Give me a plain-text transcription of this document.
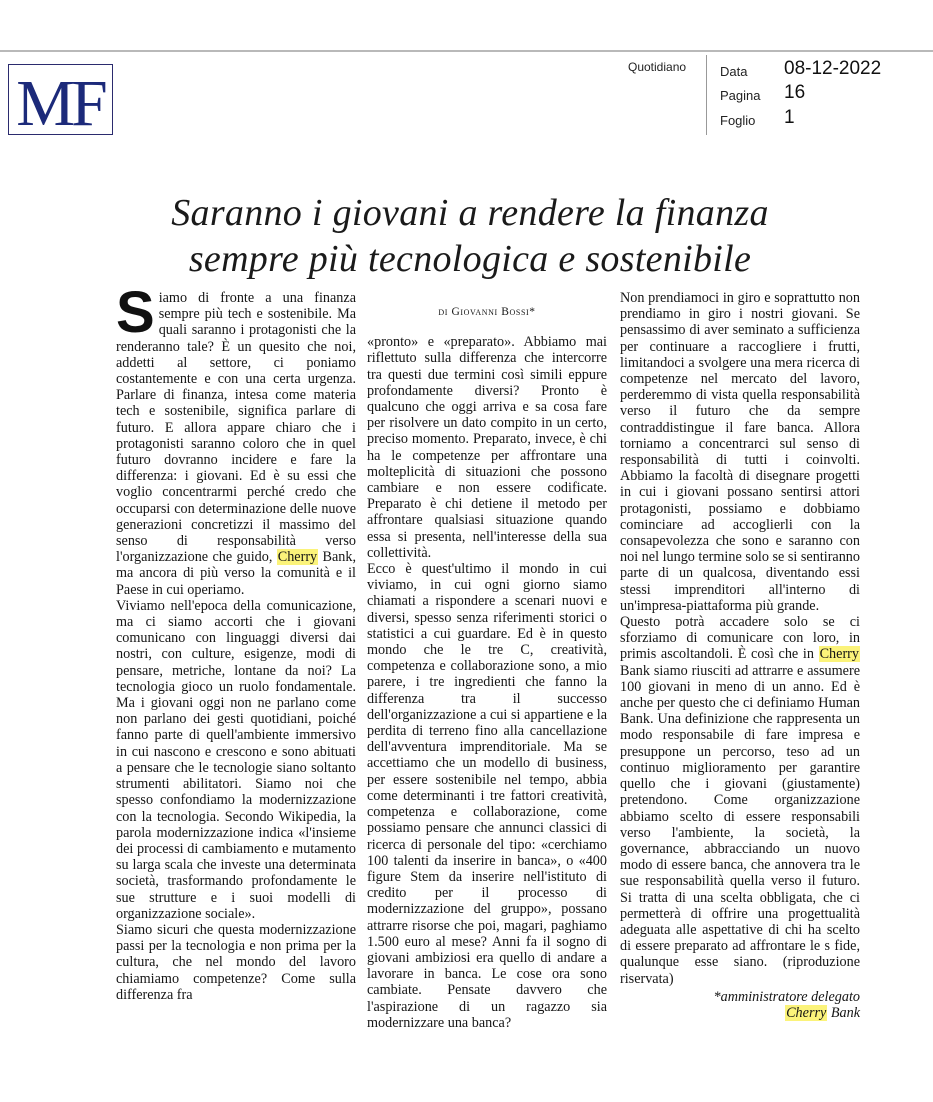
MF	Quotidiano	Data 08-12-2022
Pagina 16
Foglio 1
Saranno i giovani a rendere la finanza
sempre più tecnologica e sostenibile

Siamo di fronte a una finanza sempre più tech e sostenibile. Ma quali saranno i protagonisti che la renderanno tale? È un quesito che noi, addetti al settore, ci poniamo costantemente e con una certa urgenza. Parlare di finanza, intesa come materia tech e sostenibile, significa parlare di futuro. E allora appare chiaro che i protagonisti saranno coloro che in quel futuro dovranno incidere e fare la differenza: i giovani. Ed è su essi che voglio concentrarmi perché credo che occuparsi con determinazione delle nuove generazioni concretizzi il massimo del senso di responsabilità verso l'organizzazione che guido, Cherry Bank, ma ancora di più verso la comunità e il Paese in cui operiamo.

Viviamo nell'epoca della comunicazione, ma ci siamo accorti che i giovani comunicano con linguaggi diversi dai nostri, con culture, esigenze, modi di pensare, metriche, lontane da noi? La tecnologia gioco un ruolo fondamentale. Ma i giovani oggi non ne parlano come non parlano dei gesti quotidiani, poiché fanno parte di quell'ambiente immersivo in cui nascono e crescono e sono abituati a pensare che le tecnologie siano soltanto strumenti abilitatori. Siamo noi che spesso confondiamo la modernizzazione con la tecnologia. Secondo Wikipedia, la parola modernizzazione indica «l'insieme dei processi di cambiamento e mutamento su larga scala che investe una determinata società, trasformando profondamente le sue strutture e i suoi modelli di organizzazione sociale».

Siamo sicuri che questa modernizzazione passi per la tecnologia e non prima per la cultura, che nel mondo del lavoro chiamiamo competenze? Come sulla differenza fra

di Giovanni Bossi*

«pronto» e «preparato». Abbiamo mai riflettuto sulla differenza che intercorre tra questi due termini così simili eppure profondamente diversi? Pronto è qualcuno che oggi arriva e sa cosa fare per risolvere un dato compito in un certo, preciso momento. Preparato, invece, è chi ha le competenze per affrontare una molteplicità di situazioni che possono cambiare e non essere codificate. Preparato è chi detiene il metodo per affrontare qualsiasi situazione quando essa si presenta, nell'interesse della sua collettività.

Ecco è quest'ultimo il mondo in cui viviamo, in cui ogni giorno siamo chiamati a rispondere a scenari nuovi e diversi, spesso senza riferimenti storici o statistici a cui guardare. Ed è in questo mondo che le tre C, creatività, competenza e collaborazione sono, a mio parere, i tre ingredienti che fanno la differenza tra il successo dell'organizzazione a cui si appartiene e la perdita di terreno fino alla cancellazione dell'avventura imprenditoriale. Ma se accettiamo che un modello di business, per essere sostenibile nel tempo, abbia come determinanti i tre fattori creatività, competenza e collaborazione, come possiamo pensare che annunci classici di ricerca di personale del tipo: «cerchiamo 100 talenti da inserire in banca», o «400 figure Stem da inserire nell'istituto di credito per il processo di modernizzazione del gruppo», possano attrarre risorse che poi, magari, paghiamo 1.500 euro al mese? Anni fa il sogno di giovani ambiziosi era quello di andare a lavorare in banca. Le cose ora sono cambiate. Pensate davvero che l'aspirazione di un ragazzo sia modernizzare una banca?

Non prendiamoci in giro e soprattutto non prendiamo in giro i nostri giovani. Se pensassimo di aver seminato a sufficienza per continuare a raccogliere i frutti, limitandoci a svolgere una mera ricerca di competenze nel mercato del lavoro, perderemmo di vista quella responsabilità verso il futuro che da sempre contraddistingue il fare banca. Allora torniamo a concentrarci sul senso di responsabilità di tutti i coinvolti. Abbiamo la facoltà di disegnare progetti in cui i giovani possano sentirsi attori protagonisti, possiamo e dobbiamo cominciare ad accoglierli con la consapevolezza che sono e saranno con noi nel lungo termine solo se si sentiranno parte di un qualcosa, diventando essi stessi imprenditori all'interno di un'impresa-piattaforma più grande.

Questo potrà accadere solo se ci sforziamo di comunicare con loro, in primis ascoltandoli. È così che in Cherry Bank siamo riusciti ad attrarre e assumere 100 giovani in meno di un anno. Ed è anche per questo che ci definiamo Human Bank. Una definizione che rappresenta un modo responsabile di fare impresa e presuppone un percorso, teso ad un continuo miglioramento per garantire quello che i giovani (giustamente) pretendono. Come organizzazione abbiamo scelto di essere responsabili verso l'ambiente, la società, la governance, abbracciando un nuovo modo di essere banca, che annovera tra le sue responsabilità quella verso il futuro. Si tratta di una scelta obbligata, che ci permetterà di offrire una progettualità adeguata alle aspettative di chi ha scelto di essere preparato ad affrontare le s fide, qualunque esse siano. (riproduzione riservata)

*amministratore delegato

Cherry Bank
